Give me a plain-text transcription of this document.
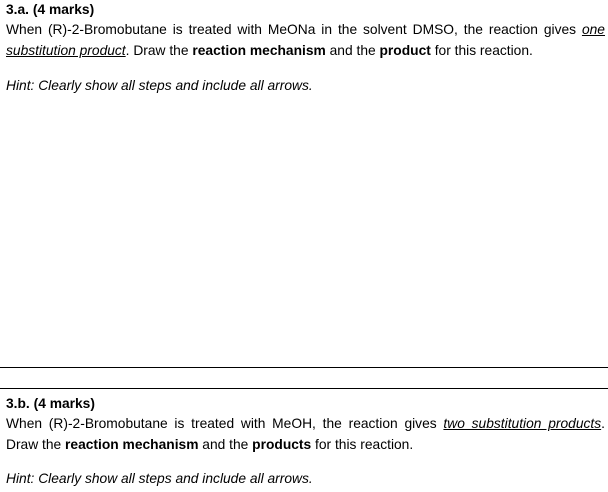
3.a. (4 marks)
When (R)-2-Bromobutane is treated with MeONa in the solvent DMSO, the reaction gives one substitution product. Draw the reaction mechanism and the product for this reaction.
Hint: Clearly show all steps and include all arrows.
3.b. (4 marks)
When (R)-2-Bromobutane is treated with MeOH, the reaction gives two substitution products. Draw the reaction mechanism and the products for this reaction.
Hint: Clearly show all steps and include all arrows.
